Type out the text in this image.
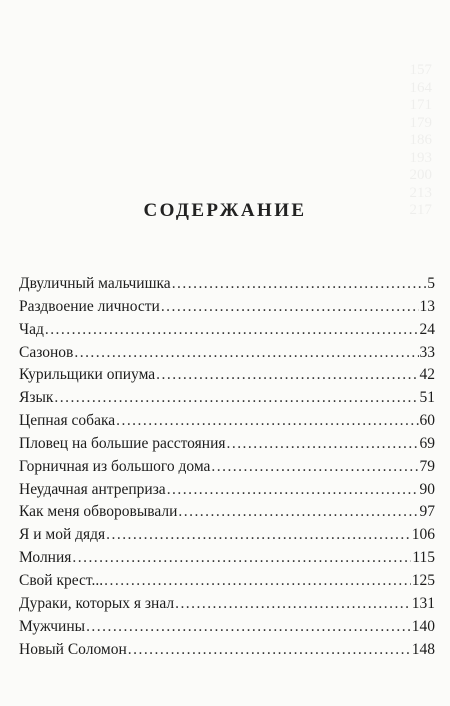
157
164
171
179
186
193
200
213
217
СОДЕРЖАНИЕ
Двуличный мальчишка . . .	5
Раздвоение личности . . .	13
Чад . . .	24
Сазонов . . .	33
Курильщики опиума . . .	42
Язык . . .	51
Цепная собака . . .	60
Пловец на большие расстояния . . .	69
Горничная из большого дома . . .	79
Неудачная антреприза . . .	90
Как меня обворовывали . . .	97
Я и мой дядя . . .	106
Молния . . .	115
Свой крест... . . .	125
Дураки, которых я знал . . .	131
Мужчины . . .	140
Новый Соломон . . .	148
